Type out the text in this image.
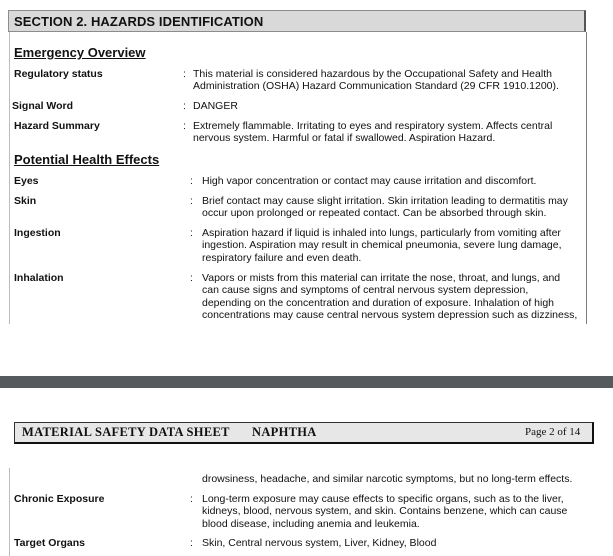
SECTION 2. HAZARDS IDENTIFICATION
Emergency Overview
Regulatory status	: This material is considered hazardous by the Occupational Safety and Health
Administration (OSHA) Hazard Communication Standard (29 CFR 1910.1200).
Signal Word	: DANGER
Hazard Summary	: Extremely flammable. Irritating to eyes and respiratory system. Affects central
nervous system. Harmful or fatal if swallowed. Aspiration Hazard.
Potential Health Effects
Eyes	: High vapor concentration or contact may cause irritation and discomfort.
Skin	: Brief contact may cause slight irritation. Skin irritation leading to dermatitis may
occur upon prolonged or repeated contact. Can be absorbed through skin.
Ingestion	: Aspiration hazard if liquid is inhaled into lungs, particularly from vomiting after
ingestion. Aspiration may result in chemical pneumonia, severe lung damage,
respiratory failure and even death.
Inhalation	: Vapors or mists from this material can irritate the nose, throat, and lungs, and
can cause signs and symptoms of central nervous system depression,
depending on the concentration and duration of exposure. Inhalation of high
concentrations may cause central nervous system depression such as dizziness,
MATERIAL SAFETY DATA SHEET NAPHTHA	Page 2 of 14
drowsiness, headache, and similar narcotic symptoms, but no long-term effects.
Chronic Exposure	: Long-term exposure may cause effects to specific organs, such as to the liver,
kidneys, blood, nervous system, and skin. Contains benzene, which can cause
blood disease, including anemia and leukemia.
Target Organs	: Skin, Central nervous system, Liver, Kidney, Blood
